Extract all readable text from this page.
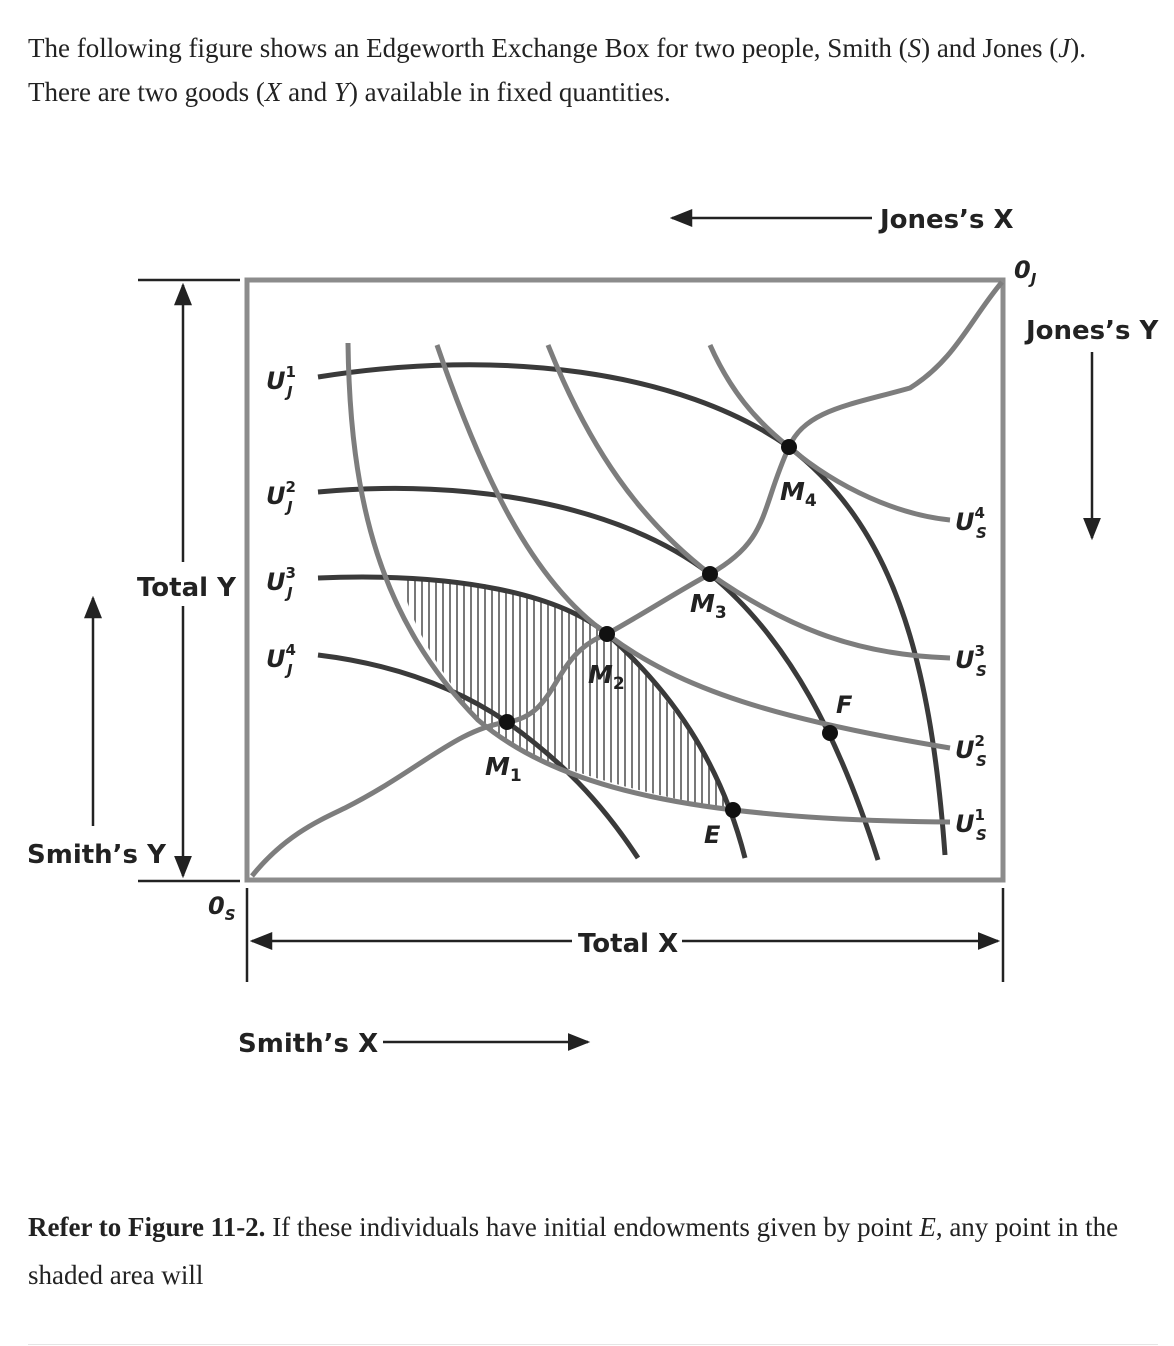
The following figure shows an Edgeworth Exchange Box for two people, Smith (S) and Jones (J). There are two goods (X and Y) available in fixed quantities.
$M_1$
$M_2$
$M_3$
$M_4$
E
F
$U^1$ J
$U^2$ J
$U^3$ J
$U^4$ J
$U^4$ S
$U^3$ S
$U^2$ S
$U^1$ S
Jones’s X
$0_J$
Jones’s Y
Total Y
Smith’s Y
$0_S$
Total X
Smith’s X
Refer to Figure 11-2. If these individuals have initial endowments given by point E, any point in the shaded area will
